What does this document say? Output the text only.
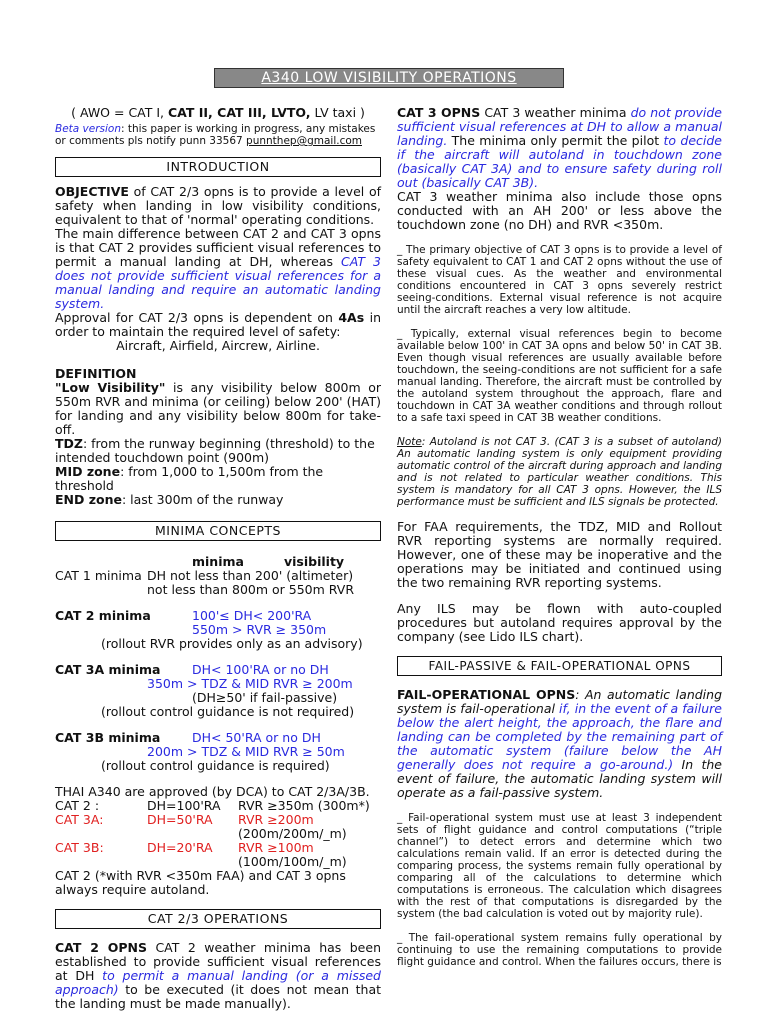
A340 LOW VISIBILITY OPERATIONS

( AWO = CAT I, CAT II, CAT III, LVTO, LV taxi )

Beta version: this paper is working in progress, any mistakes or comments pls notify punn 33567 punnthep@gmail.com

INTRODUCTION

OBJECTIVE of CAT 2/3 opns is to provide a level of safety when landing in low visibility conditions, equivalent to that of 'normal' operating conditions.

The main difference between CAT 2 and CAT 3 opns is that CAT 2 provides sufficient visual references to permit a manual landing at DH, whereas CAT 3 does not provide sufficient visual references for a manual landing and require an automatic landing system.

Approval for CAT 2/3 opns is dependent on 4As in order to maintain the required level of safety:

Aircraft, Airfield, Aircrew, Airline.

DEFINITION

"Low Visibility" is any visibility below 800m or 550m RVR and minima (or ceiling) below 200' (HAT) for landing and any visibility below 800m for take-off.

TDZ: from the runway beginning (threshold) to the intended touchdown point (900m)

MID zone: from 1,000 to 1,500m from the threshold

END zone: last 300m of the runway

MINIMA CONCEPTS
minima	visibility
CAT 1 minima DH not less than 200' (altimeter)

not less than 800m or 550m RVR

CAT 2 minima	100'≤ DH< 200'RA
550m > RVR ≥ 350m

(rollout RVR provides only as an advisory)

CAT 3A minima	DH< 100'RA or no DH
350m > TDZ & MID RVR ≥ 200m

(DH≥50' if fail-passive)

(rollout control guidance is not required)

CAT 3B minima	DH< 50'RA or no DH
200m > TDZ & MID RVR ≥ 50m

(rollout control guidance is required)

THAI A340 are approved (by DCA) to CAT 2/3A/3B.

CAT 2 :	DH=100'RA RVR ≥350m (300m*)
CAT 3A:	DH=50'RA RVR ≥200m
(200m/200m/_m)
CAT 3B:	DH=20'RA RVR ≥100m
(100m/100m/_m)

CAT 2 (*with RVR <350m FAA) and CAT 3 opns always require autoland.

CAT 2/3 OPERATIONS

CAT 2 OPNS CAT 2 weather minima has been established to provide sufficient visual references at DH to permit a manual landing (or a missed approach) to be executed (it does not mean that the landing must be made manually).

CAT 3 OPNS CAT 3 weather minima do not provide sufficient visual references at DH to allow a manual landing. The minima only permit the pilot to decide if the aircraft will autoland in touchdown zone (basically CAT 3A) and to ensure safety during roll out (basically CAT 3B).

CAT 3 weather minima also include those opns conducted with an AH 200' or less above the touchdown zone (no DH) and RVR <350m.

_ The primary objective of CAT 3 opns is to provide a level of safety equivalent to CAT 1 and CAT 2 opns without the use of these visual cues. As the weather and environmental conditions encountered in CAT 3 opns severely restrict seeing-conditions. External visual reference is not acquire until the aircraft reaches a very low altitude.

_ Typically, external visual references begin to become available below 100' in CAT 3A opns and below 50' in CAT 3B. Even though visual references are usually available before touchdown, the seeing-conditions are not sufficient for a safe manual landing. Therefore, the aircraft must be controlled by the autoland system throughout the approach, flare and touchdown in CAT 3A weather conditions and through rollout to a safe taxi speed in CAT 3B weather conditions.

Note: Autoland is not CAT 3. (CAT 3 is a subset of autoland) An automatic landing system is only equipment providing automatic control of the aircraft during approach and landing and is not related to particular weather conditions. This system is mandatory for all CAT 3 opns. However, the ILS performance must be sufficient and ILS signals be protected.

For FAA requirements, the TDZ, MID and Rollout RVR reporting systems are normally required. However, one of these may be inoperative and the operations may be initiated and continued using the two remaining RVR reporting systems.

Any ILS may be flown with auto-coupled procedures but autoland requires approval by the company (see Lido ILS chart).

FAIL-PASSIVE & FAIL-OPERATIONAL OPNS

FAIL-OPERATIONAL OPNS: An automatic landing system is fail-operational if, in the event of a failure below the alert height, the approach, the flare and landing can be completed by the remaining part of the automatic system (failure below the AH generally does not require a go-around.) In the event of failure, the automatic landing system will operate as a fail-passive system.

_ Fail-operational system must use at least 3 independent sets of flight guidance and control computations (“triple channel”) to detect errors and determine which two calculations remain valid. If an error is detected during the comparing process, the systems remain fully operational by comparing all of the calculations to determine which computations is erroneous. The calculation which disagrees with the rest of that computations is disregarded by the system (the bad calculation is voted out by majority rule).

_ The fail-operational system remains fully operational by continuing to use the remaining computations to provide flight guidance and control. When the failures occurs, there is
